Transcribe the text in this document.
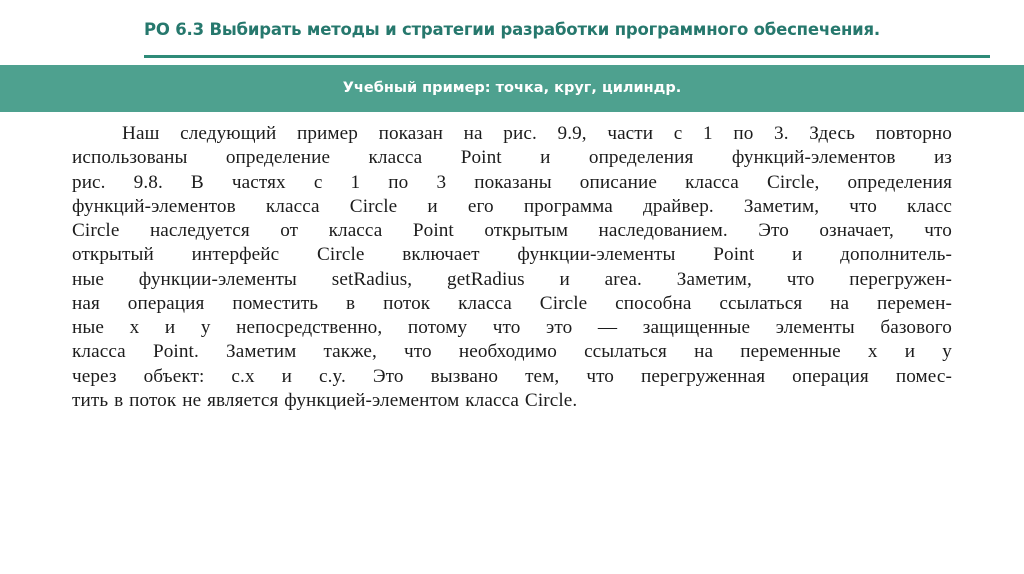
РО 6.3 Выбирать методы и стратегии разработки программного обеспечения.
Учебный пример: точка, круг, цилиндр.
Наш следующий пример показан на рис. 9.9, части с 1 по 3. Здесь повторно
использованы определение класса Point и определения функций-элементов из
рис. 9.8. В частях с 1 по 3 показаны описание класса Circle, определения
функций-элементов класса Circle и его программа драйвер. Заметим, что класс
Circle наследуется от класса Point открытым наследованием. Это означает, что
открытый интерфейс Circle включает функции-элементы Point и дополнитель-
ные функции-элементы setRadius, getRadius и area. Заметим, что перегружен-
ная операция поместить в поток класса Circle способна ссылаться на перемен-
ные x и y непосредственно, потому что это — защищенные элементы базового
класса Point. Заметим также, что необходимо ссылаться на переменные x и y
через объект: c.x и c.y. Это вызвано тем, что перегруженная операция помес-
тить в поток не является функцией-элементом класса Circle.
